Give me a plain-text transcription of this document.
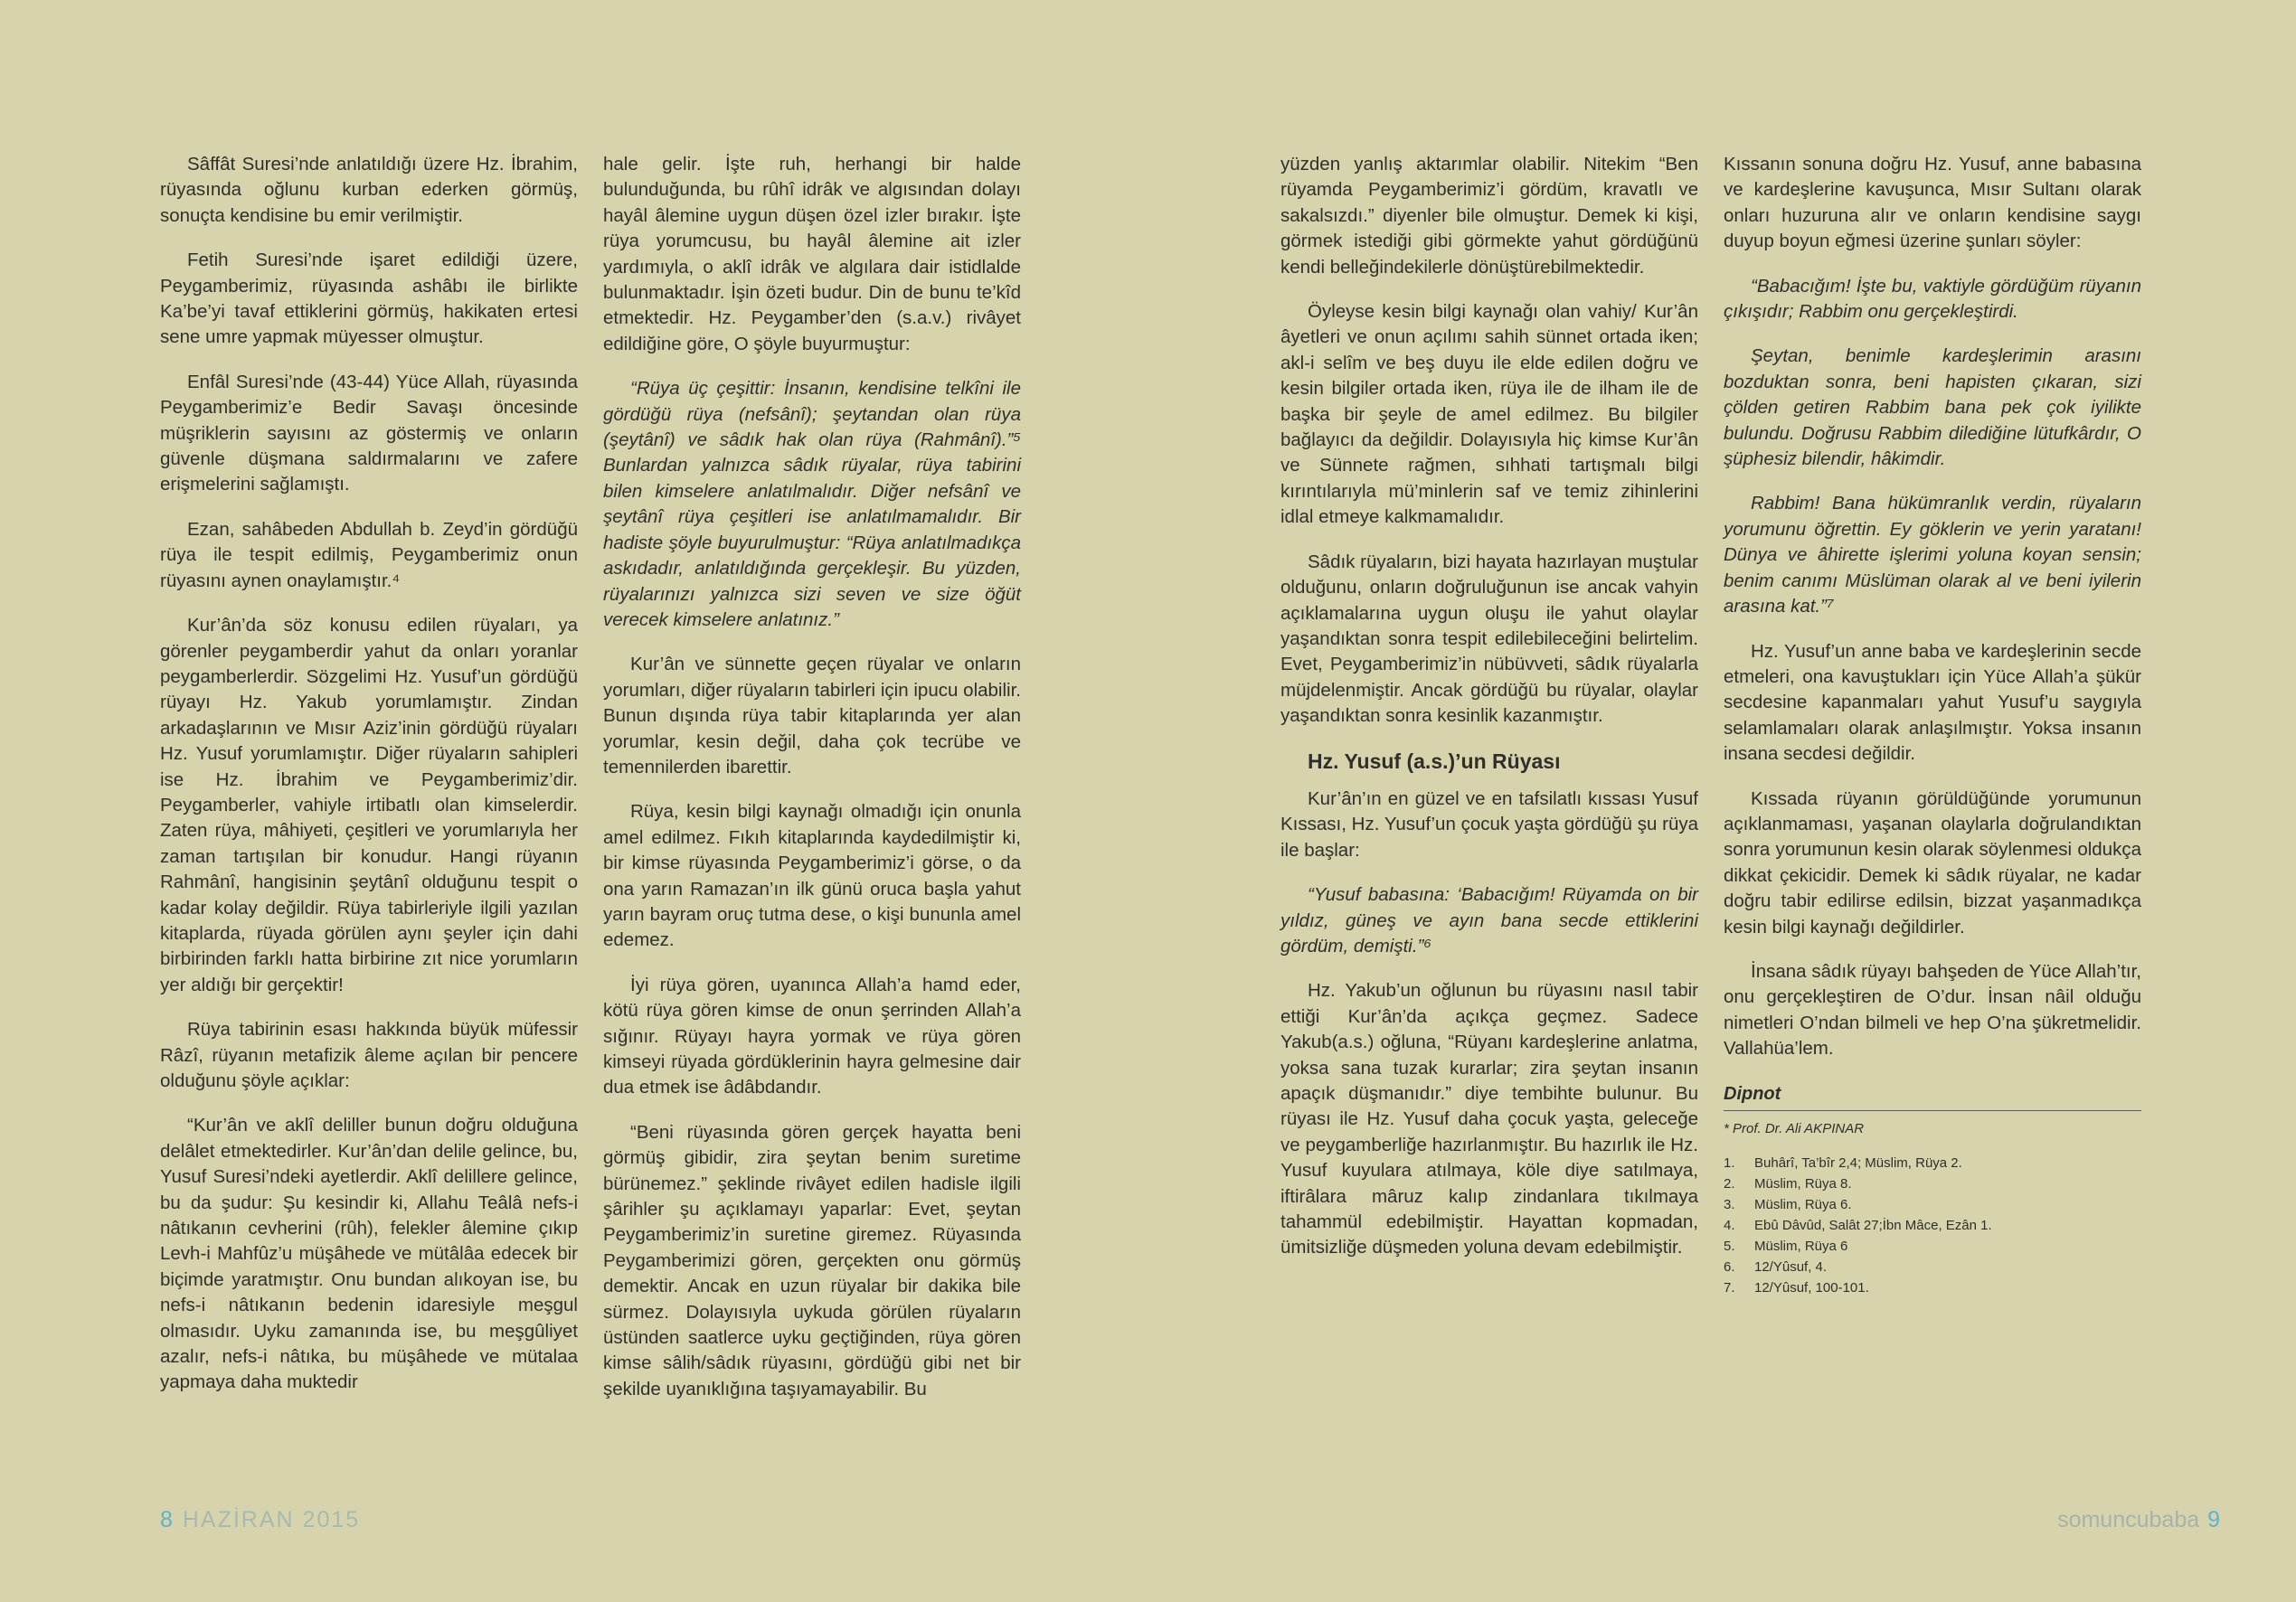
Sâffât Suresi’nde anlatıldığı üzere Hz. İbrahim, rüyasında oğlunu kurban ederken görmüş, sonuçta kendisine bu emir verilmiştir.

Fetih Suresi’nde işaret edildiği üzere, Peygamberimiz, rüyasında ashâbı ile birlikte Ka’be’yi tavaf ettiklerini görmüş, hakikaten ertesi sene umre yapmak müyesser olmuştur.

Enfâl Suresi’nde (43-44) Yüce Allah, rüyasında Peygamberimiz’e Bedir Savaşı öncesinde müşriklerin sayısını az göstermiş ve onların güvenle düşmana saldırmalarını ve zafere erişmelerini sağlamıştı.

Ezan, sahâbeden Abdullah b. Zeyd’in gördüğü rüya ile tespit edilmiş, Peygamberimiz onun rüyasını aynen onaylamıştır.⁴

Kur’ân’da söz konusu edilen rüyaları, ya görenler peygamberdir yahut da onları yoranlar peygamberlerdir. Sözgelimi Hz. Yusuf’un gördüğü rüyayı Hz. Yakub yorumlamıştır. Zindan arkadaşlarının ve Mısır Aziz’inin gördüğü rüyaları Hz. Yusuf yorumlamıştır. Diğer rüyaların sahipleri ise Hz. İbrahim ve Peygamberimiz’dir. Peygamberler, vahiyle irtibatlı olan kimselerdir. Zaten rüya, mâhiyeti, çeşitleri ve yorumlarıyla her zaman tartışılan bir konudur. Hangi rüyanın Rahmânî, hangisinin şeytânî olduğunu tespit o kadar kolay değildir. Rüya tabirleriyle ilgili yazılan kitaplarda, rüyada görülen aynı şeyler için dahi birbirinden farklı hatta birbirine zıt nice yorumların yer aldığı bir gerçektir!

Rüya tabirinin esası hakkında büyük müfessir Râzî, rüyanın metafizik âleme açılan bir pencere olduğunu şöyle açıklar:

“Kur’ân ve aklî deliller bunun doğru olduğuna delâlet etmektedirler. Kur’ân’dan delile gelince, bu, Yusuf Suresi’ndeki ayetlerdir. Aklî delillere gelince, bu da şudur: Şu kesindir ki, Allahu Teâlâ nefs-i nâtıkanın cevherini (rûh), felekler âlemine çıkıp Levh-i Mahfûz’u müşâhede ve mütâlâa edecek bir biçimde yaratmıştır. Onu bundan alıkoyan ise, bu nefs-i nâtıkanın bedenin idaresiyle meşgul olmasıdır. Uyku zamanında ise, bu meşgûliyet azalır, nefs-i nâtıka, bu müşâhede ve mütalaa yapmaya daha muktedir

hale gelir. İşte ruh, herhangi bir halde bulunduğunda, bu rûhî idrâk ve algısından dolayı hayâl âlemine uygun düşen özel izler bırakır. İşte rüya yorumcusu, bu hayâl âlemine ait izler yardımıyla, o aklî idrâk ve algılara dair istidlalde bulunmaktadır. İşin özeti budur. Din de bunu te’kîd etmektedir. Hz. Peygamber’den (s.a.v.) rivâyet edildiğine göre, O şöyle buyurmuştur:

“Rüya üç çeşittir: İnsanın, kendisine telkîni ile gördüğü rüya (nefsânî); şeytandan olan rüya (şeytânî) ve sâdık hak olan rüya (Rahmânî).”⁵ Bunlardan yalnızca sâdık rüyalar, rüya tabirini bilen kimselere anlatılmalıdır. Diğer nefsânî ve şeytânî rüya çeşitleri ise anlatılmamalıdır. Bir hadiste şöyle buyurulmuştur: “Rüya anlatılmadıkça askıdadır, anlatıldığında gerçekleşir. Bu yüzden, rüyalarınızı yalnızca sizi seven ve size öğüt verecek kimselere anlatınız.”

Kur’ân ve sünnette geçen rüyalar ve onların yorumları, diğer rüyaların tabirleri için ipucu olabilir. Bunun dışında rüya tabir kitaplarında yer alan yorumlar, kesin değil, daha çok tecrübe ve temennilerden ibarettir.

Rüya, kesin bilgi kaynağı olmadığı için onunla amel edilmez. Fıkıh kitaplarında kaydedilmiştir ki, bir kimse rüyasında Peygamberimiz’i görse, o da ona yarın Ramazan’ın ilk günü oruca başla yahut yarın bayram oruç tutma dese, o kişi bununla amel edemez.

İyi rüya gören, uyanınca Allah’a hamd eder, kötü rüya gören kimse de onun şerrinden Allah’a sığınır. Rüyayı hayra yormak ve rüya gören kimseyi rüyada gördüklerinin hayra gelmesine dair dua etmek ise âdâbdandır.

“Beni rüyasında gören gerçek hayatta beni görmüş gibidir, zira şeytan benim suretime bürünemez.” şeklinde rivâyet edilen hadisle ilgili şârihler şu açıklamayı yaparlar: Evet, şeytan Peygamberimiz’in suretine giremez. Rüyasında Peygamberimizi gören, gerçekten onu görmüş demektir. Ancak en uzun rüyalar bir dakika bile sürmez. Dolayısıyla uykuda görülen rüyaların üstünden saatlerce uyku geçtiğinden, rüya gören kimse sâlih/sâdık rüyasını, gördüğü gibi net bir şekilde uyanıklığına taşıyamayabilir. Bu

yüzden yanlış aktarımlar olabilir. Nitekim “Ben rüyamda Peygamberimiz’i gördüm, kravatlı ve sakalsızdı.” diyenler bile olmuştur. Demek ki kişi, görmek istediği gibi görmekte yahut gördüğünü kendi belleğindekilerle dönüştürebilmektedir.

Öyleyse kesin bilgi kaynağı olan vahiy/ Kur’ân âyetleri ve onun açılımı sahih sünnet ortada iken; akl-i selîm ve beş duyu ile elde edilen doğru ve kesin bilgiler ortada iken, rüya ile de ilham ile de başka bir şeyle de amel edilmez. Bu bilgiler bağlayıcı da değildir. Dolayısıyla hiç kimse Kur’ân ve Sünnete rağmen, sıhhati tartışmalı bilgi kırıntılarıyla mü’minlerin saf ve temiz zihinlerini idlal etmeye kalkmamalıdır.

Sâdık rüyaların, bizi hayata hazırlayan muştular olduğunu, onların doğruluğunun ise ancak vahyin açıklamalarına uygun oluşu ile yahut olaylar yaşandıktan sonra tespit edilebileceğini belirtelim. Evet, Peygamberimiz’in nübüvveti, sâdık rüyalarla müjdelenmiştir. Ancak gördüğü bu rüyalar, olaylar yaşandıktan sonra kesinlik kazanmıştır.

Hz. Yusuf (a.s.)’un Rüyası

Kur’ân’ın en güzel ve en tafsilatlı kıssası Yusuf Kıssası, Hz. Yusuf’un çocuk yaşta gördüğü şu rüya ile başlar:

“Yusuf babasına: ‘Babacığım! Rüyamda on bir yıldız, güneş ve ayın bana secde ettiklerini gördüm, demişti.”⁶

Hz. Yakub’un oğlunun bu rüyasını nasıl tabir ettiği Kur’ân’da açıkça geçmez. Sadece Yakub(a.s.) oğluna, “Rüyanı kardeşlerine anlatma, yoksa sana tuzak kurarlar; zira şeytan insanın apaçık düşmanıdır.” diye tembihte bulunur. Bu rüyası ile Hz. Yusuf daha çocuk yaşta, geleceğe ve peygamberliğe hazırlanmıştır. Bu hazırlık ile Hz. Yusuf kuyulara atılmaya, köle diye satılmaya, iftirâlara mâruz kalıp zindanlara tıkılmaya tahammül edebilmiştir. Hayattan kopmadan, ümitsizliğe düşmeden yoluna devam edebilmiştir.

Kıssanın sonuna doğru Hz. Yusuf, anne babasına ve kardeşlerine kavuşunca, Mısır Sultanı olarak onları huzuruna alır ve onların kendisine saygı duyup boyun eğmesi üzerine şunları söyler:

“Babacığım! İşte bu, vaktiyle gördüğüm rüyanın çıkışıdır; Rabbim onu gerçekleştirdi.

Şeytan, benimle kardeşlerimin arasını bozduktan sonra, beni hapisten çıkaran, sizi çölden getiren Rabbim bana pek çok iyilikte bulundu. Doğrusu Rabbim dilediğine lütufkârdır, O şüphesiz bilendir, hâkimdir.

Rabbim! Bana hükümranlık verdin, rüyaların yorumunu öğrettin. Ey göklerin ve yerin yaratanı! Dünya ve âhirette işlerimi yoluna koyan sensin; benim canımı Müslüman olarak al ve beni iyilerin arasına kat.”⁷

Hz. Yusuf’un anne baba ve kardeşlerinin secde etmeleri, ona kavuştukları için Yüce Allah’a şükür secdesine kapanmaları yahut Yusuf’u saygıyla selamlamaları olarak anlaşılmıştır. Yoksa insanın insana secdesi değildir.

Kıssada rüyanın görüldüğünde yorumunun açıklanmaması, yaşanan olaylarla doğrulandıktan sonra yorumunun kesin olarak söylenmesi oldukça dikkat çekicidir. Demek ki sâdık rüyalar, ne kadar doğru tabir edilirse edilsin, bizzat yaşanmadıkça kesin bilgi kaynağı değildirler.

İnsana sâdık rüyayı bahşeden de Yüce Allah’tır, onu gerçekleştiren de O’dur. İnsan nâil olduğu nimetleri O’ndan bilmeli ve hep O’na şükretmelidir. Vallahüa’lem.

Dipnot
* Prof. Dr. Ali AKPINAR
1. Buhârî, Ta’bîr 2,4; Müslim, Rüya 2.
2. Müslim, Rüya 8.
3. Müslim, Rüya 6.
4. Ebû Dâvûd, Salât 27;İbn Mâce, Ezân 1.
5. Müslim, Rüya 6
6. 12/Yûsuf, 4.
7. 12/Yûsuf, 100-101.
8 HAZİRAN 2015	somuncubaba 9
